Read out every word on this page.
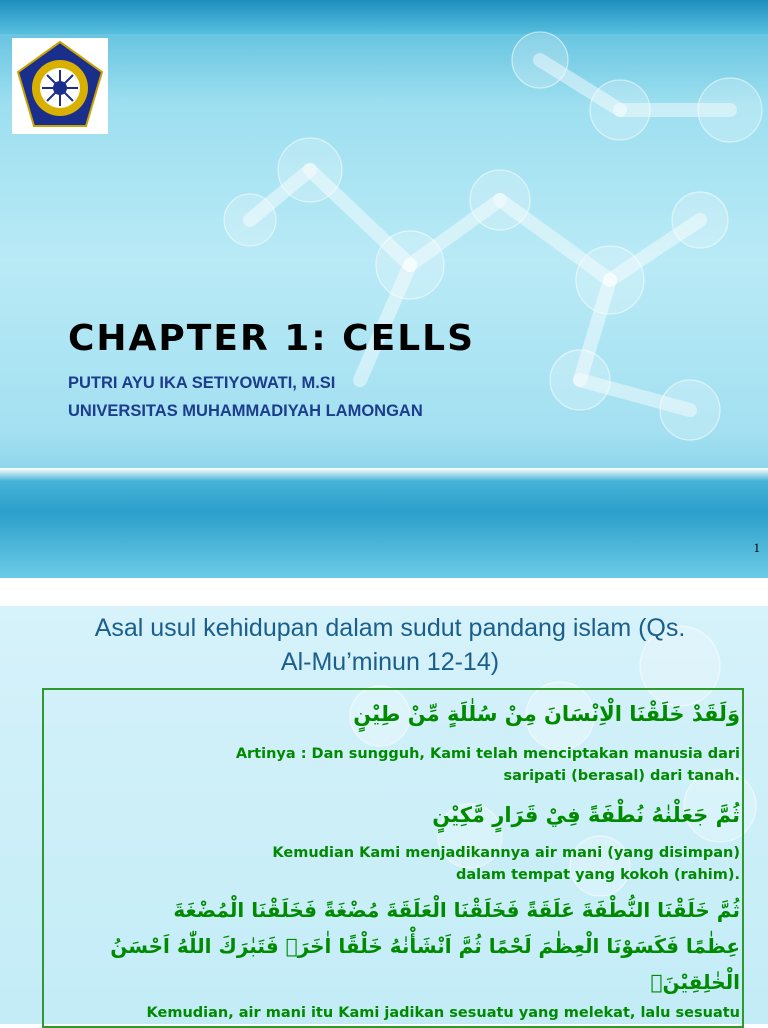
CHAPTER 1: CELLS
PUTRI AYU IKA SETIYOWATI, M.SI
UNIVERSITAS MUHAMMADIYAH LAMONGAN
1
Asal usul kehidupan dalam sudut pandang islam (Qs.
Al-Mu’minun 12-14)
وَلَقَدْ خَلَقْنَا الْاِنْسَانَ مِنْ سُلٰلَةٍ مِّنْ طِيْنٍ
Artinya : Dan sungguh, Kami telah menciptakan manusia dari
saripati (berasal) dari tanah.
ثُمَّ جَعَلْنٰهُ نُطْفَةً فِيْ قَرَارٍ مَّكِيْنٍ
Kemudian Kami menjadikannya air mani (yang disimpan)
dalam tempat yang kokoh (rahim).
ثُمَّ خَلَقْنَا النُّطْفَةَ عَلَقَةً فَخَلَقْنَا الْعَلَقَةَ مُضْغَةً فَخَلَقْنَا الْمُضْغَةَ
عِظٰمًا فَكَسَوْنَا الْعِظٰمَ لَحْمًا ثُمَّ اَنْشَأْنٰهُ خَلْقًا اٰخَرَۗ فَتَبٰرَكَ اللّٰهُ اَحْسَنُ
الْخٰلِقِيْنَۗ
Kemudian, air mani itu Kami jadikan sesuatu yang melekat, lalu sesuatu
